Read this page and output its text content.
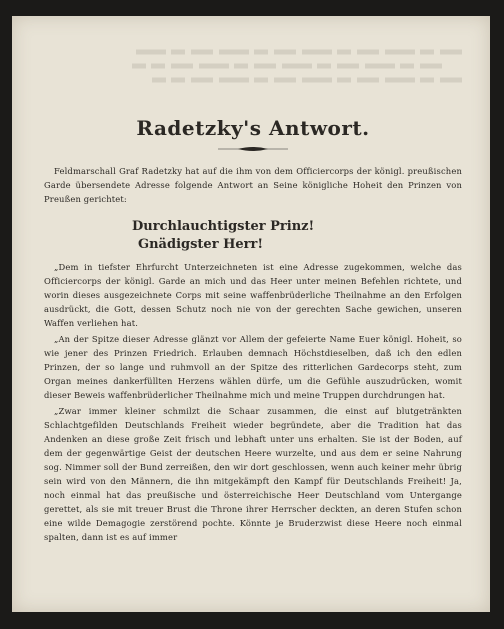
Radetzky's Antwort.

Feldmarschall Graf Radetzky hat auf die ihm von dem Officiercorps der königl. preußischen Garde übersendete Adresse folgende Antwort an Seine königliche Hoheit den Prinzen von Preußen gerichtet:

Durchlauchtigster Prinz!
Gnädigster Herr!

„Dem in tiefster Ehrfurcht Unterzeichneten ist eine Adresse zugekommen, welche das Officiercorps der königl. Garde an mich und das Heer unter meinen Befehlen richtete, und worin dieses ausgezeichnete Corps mit seine waffenbrüderliche Theilnahme an den Erfolgen ausdrückt, die Gott, dessen Schutz noch nie von der gerechten Sache gewichen, unseren Waffen verliehen hat.

„An der Spitze dieser Adresse glänzt vor Allem der gefeierte Name Euer königl. Hoheit, so wie jener des Prinzen Friedrich. Erlauben demnach Höchstdieselben, daß ich den edlen Prinzen, der so lange und ruhmvoll an der Spitze des ritterlichen Gardecorps steht, zum Organ meines dankerfüllten Herzens wählen dürfe, um die Gefühle auszudrücken, womit dieser Beweis waffenbrüderlicher Theilnahme mich und meine Truppen durchdrungen hat.

„Zwar immer kleiner schmilzt die Schaar zusammen, die einst auf blutgetränkten Schlachtgefilden Deutschlands Freiheit wieder begründete, aber die Tradition hat das Andenken an diese große Zeit frisch und lebhaft unter uns erhalten. Sie ist der Boden, auf dem der gegenwärtige Geist der deutschen Heere wurzelte, und aus dem er seine Nahrung sog. Nimmer soll der Bund zerreißen, den wir dort geschlossen, wenn auch keiner mehr übrig sein wird von den Männern, die ihn mitgekämpft den Kampf für Deutschlands Freiheit! Ja, noch einmal hat das preußische und österreichische Heer Deutschland vom Untergange gerettet, als sie mit treuer Brust die Throne ihrer Herrscher deckten, an deren Stufen schon eine wilde Demagogie zerstörend pochte. Könnte je Bruderzwist diese Heere noch einmal spalten, dann ist es auf immer
